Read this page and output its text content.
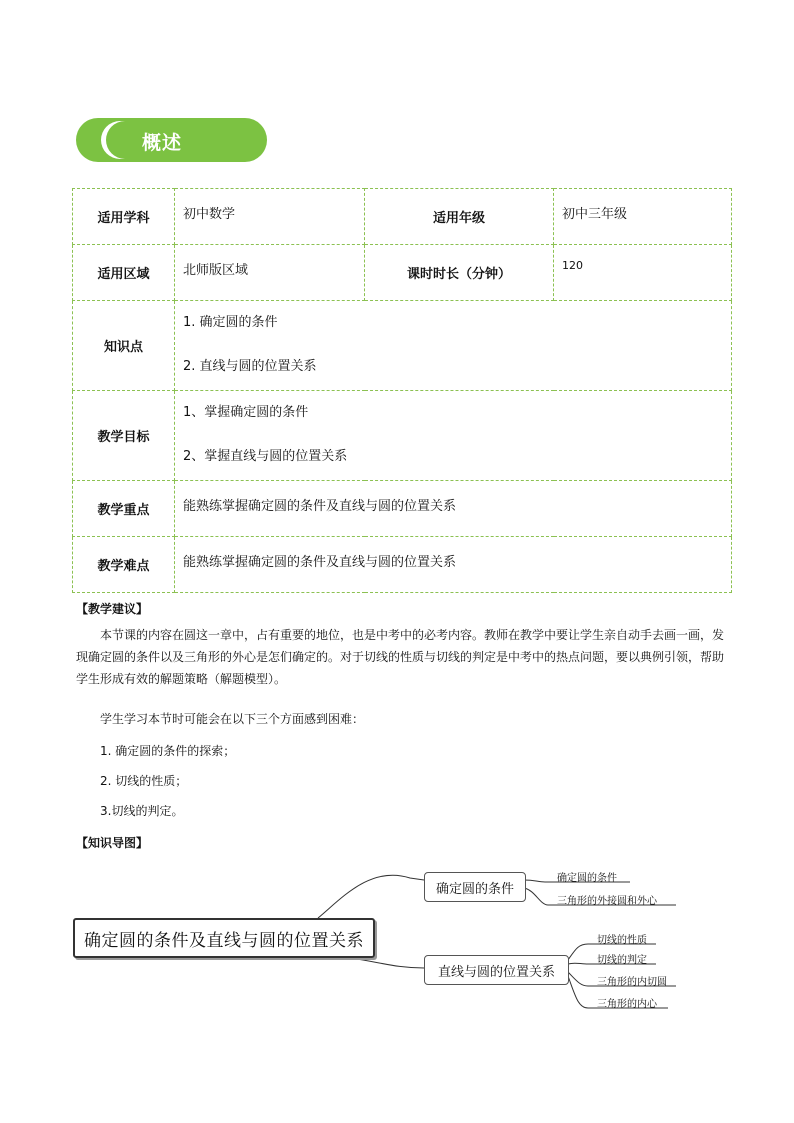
概述
适用学科	初中数学	适用年级	初中三年级
适用区域	北师版区域	课时时长（分钟）	120
知识点	1. 确定圆的条件
2. 直线与圆的位置关系		

教学目标	1、掌握确定圆的条件
2、掌握直线与圆的位置关系		

教学重点	能熟练掌握确定圆的条件及直线与圆的位置关系		
教学难点	能熟练掌握确定圆的条件及直线与圆的位置关系		
【教学建议】
本节课的内容在圆这一章中，占有重要的地位，也是中考中的必考内容。教师在教学中要让学生亲自动手去画一画，发现确定圆的条件以及三角形的外心是怎们确定的。对于切线的性质与切线的判定是中考中的热点问题，要以典例引领，帮助学生形成有效的解题策略（解题模型）。
学生学习本节时可能会在以下三个方面感到困难：
1. 确定圆的条件的探索；
2. 切线的性质；
3.切线的判定。
【知识导图】
确定圆的条件及直线与圆的位置关系
确定圆的条件
直线与圆的位置关系
确定圆的条件
三角形的外接圆和外心
切线的性质
切线的判定
三角形的内切圆
三角形的内心
